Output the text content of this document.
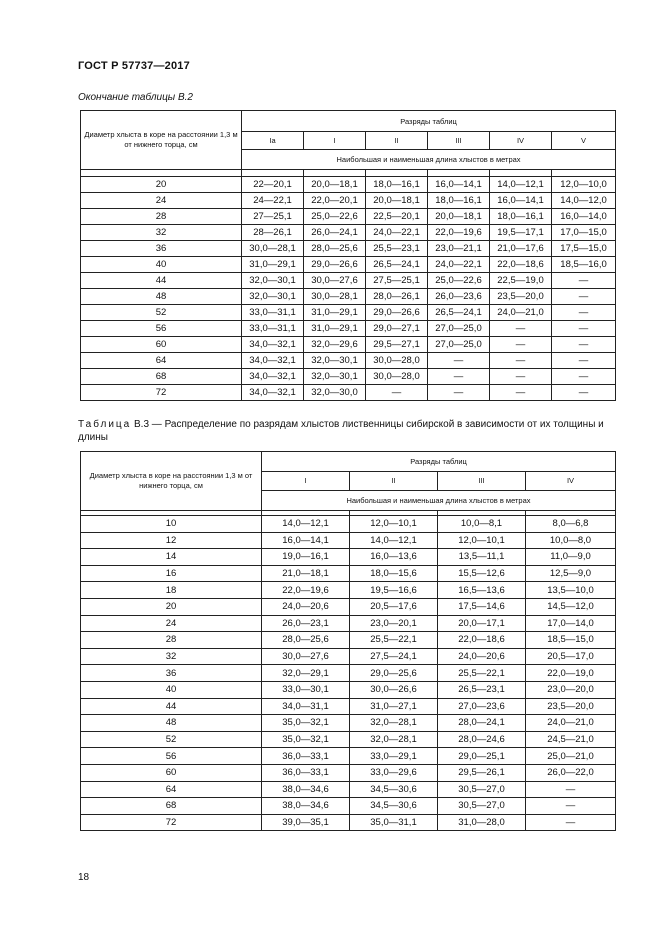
ГОСТ Р 57737—2017
Окончание таблицы В.2
Диаметр хлыста в коре на расстоянии 1,3 м от нижнего торца, см	Разряды таблиц					
	Iа	I	II	III	IV	V
	Наибольшая и наименьшая длина хлыстов в метрах					

20	22—20,1	20,0—18,1	18,0—16,1	16,0—14,1	14,0—12,1	12,0—10,0
24	24—22,1	22,0—20,1	20,0—18,1	18,0—16,1	16,0—14,1	14,0—12,0
28	27—25,1	25,0—22,6	22,5—20,1	20,0—18,1	18,0—16,1	16,0—14,0
32	28—26,1	26,0—24,1	24,0—22,1	22,0—19,6	19,5—17,1	17,0—15,0
36	30,0—28,1	28,0—25,6	25,5—23,1	23,0—21,1	21,0—17,6	17,5—15,0
40	31,0—29,1	29,0—26,6	26,5—24,1	24,0—22,1	22,0—18,6	18,5—16,0
44	32,0—30,1	30,0—27,6	27,5—25,1	25,0—22,6	22,5—19,0	—
48	32,0—30,1	30,0—28,1	28,0—26,1	26,0—23,6	23,5—20,0	—
52	33,0—31,1	31,0—29,1	29,0—26,6	26,5—24,1	24,0—21,0	—
56	33,0—31,1	31,0—29,1	29,0—27,1	27,0—25,0	—	—
60	34,0—32,1	32,0—29,6	29,5—27,1	27,0—25,0	—	—
64	34,0—32,1	32,0—30,1	30,0—28,0	—	—	—
68	34,0—32,1	32,0—30,1	30,0—28,0	—	—	—
72	34,0—32,1	32,0—30,0	—	—	—	—
Таблица В.3 — Распределение по разрядам хлыстов лиственницы сибирской в зависимости от их толщины и длины
Диаметр хлыста в коре на расстоянии 1,3 м от нижнего торца, см	Разряды таблиц			
	I	II	III	IV
	Наибольшая и наименьшая длина хлыстов в метрах			

10	14,0—12,1	12,0—10,1	10,0—8,1	8,0—6,8
12	16,0—14,1	14,0—12,1	12,0—10,1	10,0—8,0
14	19,0—16,1	16,0—13,6	13,5—11,1	11,0—9,0
16	21,0—18,1	18,0—15,6	15,5—12,6	12,5—9,0
18	22,0—19,6	19,5—16,6	16,5—13,6	13,5—10,0
20	24,0—20,6	20,5—17,6	17,5—14,6	14,5—12,0
24	26,0—23,1	23,0—20,1	20,0—17,1	17,0—14,0
28	28,0—25,6	25,5—22,1	22,0—18,6	18,5—15,0
32	30,0—27,6	27,5—24,1	24,0—20,6	20,5—17,0
36	32,0—29,1	29,0—25,6	25,5—22,1	22,0—19,0
40	33,0—30,1	30,0—26,6	26,5—23,1	23,0—20,0
44	34,0—31,1	31,0—27,1	27,0—23,6	23,5—20,0
48	35,0—32,1	32,0—28,1	28,0—24,1	24,0—21,0
52	35,0—32,1	32,0—28,1	28,0—24,6	24,5—21,0
56	36,0—33,1	33,0—29,1	29,0—25,1	25,0—21,0
60	36,0—33,1	33,0—29,6	29,5—26,1	26,0—22,0
64	38,0—34,6	34,5—30,6	30,5—27,0	—
68	38,0—34,6	34,5—30,6	30,5—27,0	—
72	39,0—35,1	35,0—31,1	31,0—28,0	—
18
